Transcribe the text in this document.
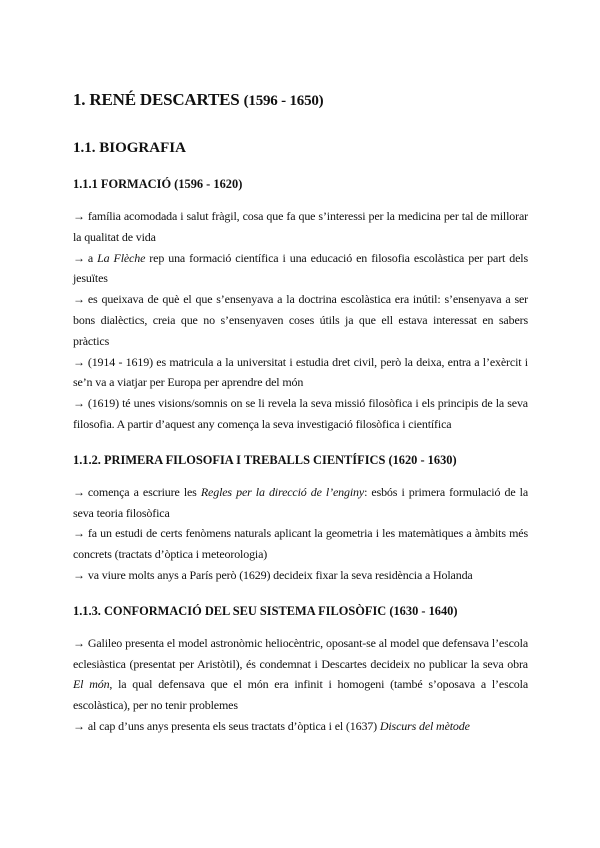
1. RENÉ DESCARTES (1596 - 1650)
1.1. BIOGRAFIA
1.1.1 FORMACIÓ (1596 - 1620)

→ família acomodada i salut fràgil, cosa que fa que s’interessi per la medicina per tal de millorar la qualitat de vida

→ a La Flèche rep una formació científica i una educació en filosofia escolàstica per part dels jesuïtes

→ es queixava de què el que s’ensenyava a la doctrina escolàstica era inútil: s’ensenyava a ser bons dialèctics, creia que no s’ensenyaven coses útils ja que ell estava interessat en sabers pràctics

→ (1914 - 1619) es matricula a la universitat i estudia dret civil, però la deixa, entra a l’exèrcit i se’n va a viatjar per Europa per aprendre del món

→ (1619) té unes visions/somnis on se li revela la seva missió filosòfica i els principis de la seva filosofia. A partir d’aquest any comença la seva investigació filosòfica i científica

1.1.2. PRIMERA FILOSOFIA I TREBALLS CIENTÍFICS (1620 - 1630)

→ comença a escriure les Regles per la direcció de l’enginy: esbós i primera formulació de la seva teoria filosòfica

→ fa un estudi de certs fenòmens naturals aplicant la geometria i les matemàtiques a àmbits més concrets (tractats d’òptica i meteorologia)

→ va viure molts anys a París però (1629) decideix fixar la seva residència a Holanda

1.1.3. CONFORMACIÓ DEL SEU SISTEMA FILOSÒFIC (1630 - 1640)

→ Galileo presenta el model astronòmic heliocèntric, oposant-se al model que defensava l’escola eclesiàstica (presentat per Aristòtil), és condemnat i Descartes decideix no publicar la seva obra El món, la qual defensava que el món era infinit i homogeni (també s’oposava a l’escola escolàstica), per no tenir problemes

→ al cap d’uns anys presenta els seus tractats d’òptica i el (1637) Discurs del mètode
